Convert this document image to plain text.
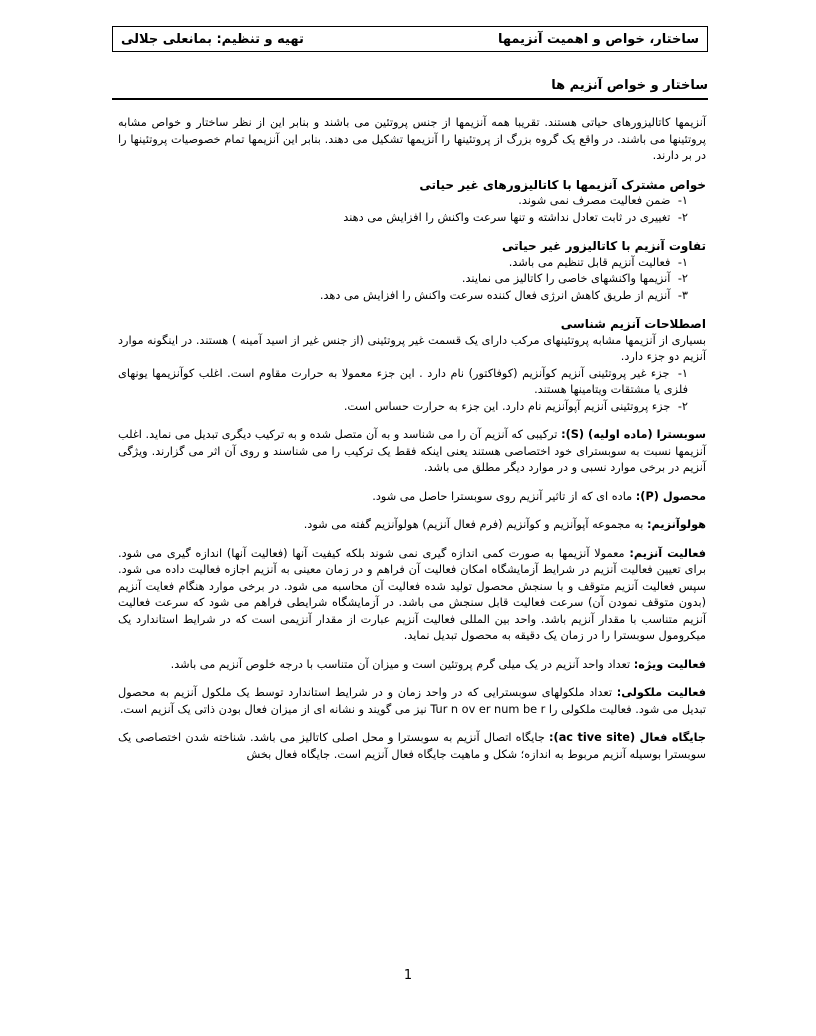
ساختار، خواص و اهمیت آنزیمها
تهیه و تنظیم: بمانعلی جلالی
ساختار و خواص آنزیم ها

آنزیمها کاتالیزورهای حیاتی هستند. تقریبا همه آنزیمها از جنس پروتئین می باشند و بنابر این از نظر ساختار و خواص مشابه پروتئینها می باشند. در واقع یک گروه بزرگ از پروتئینها را آنزیمها تشکیل می دهند. بنابر این آنزیمها تمام خصوصیات پروتئینها را در بر دارند.

خواص مشترک آنزیمها با کاتالیزورهای غیر حیاتی
۱- ضمن فعالیت مصرف نمی شوند.
۲- تغییری در ثابت تعادل نداشته و تنها سرعت واکنش را افزایش می دهند
تفاوت آنزیم با کاتالیزور غیر حیاتی
۱- فعالیت آنزیم قابل تنظیم می باشد.
۲- آنزیمها واکنشهای خاصی را کاتالیز می نمایند.
۳- آنزیم از طریق کاهش انرژی فعال کننده سرعت واکنش را افزایش می دهد.
اصطلاحات آنزیم شناسی
بسیاری از آنزیمها مشابه پروتئینهای مرکب دارای یک قسمت غیر پروتئینی (از جنس غیر از اسید آمینه ) هستند. در اینگونه موارد آنزیم دو جزء دارد.
۱- جزء غیر پروتئینی آنزیم کوآنزیم (کوفاکتور) نام دارد . این جزء معمولا به حرارت مقاوم است. اغلب کوآنزیمها یونهای فلزی یا مشتقات ویتامینها هستند.
۲- جزء پروتئینی آنزیم آپوآنزیم نام دارد. این جزء به حرارت حساس است.

سوبسترا (ماده اولیه) (S): ترکیبی که آنزیم آن را می شناسد و به آن متصل شده و به ترکیب دیگری تبدیل می نماید. اغلب آنزیمها نسبت به سوبسترای خود اختصاصی هستند یعنی اینکه فقط یک ترکیب را می شناسند و روی آن اثر می گزارند. ویژگی آنزیم در برخی موارد نسبی و در موارد دیگر مطلق می باشد.

محصول (P): ماده ای که از تاثیر آنزیم روی سوبسترا حاصل می شود.

هولوآنزیم: به مجموعه آپوآنزیم و کوآنزیم (فرم فعال آنزیم) هولوآنزیم گفته می شود.

فعالیت آنزیم: معمولا آنزیمها به صورت کمی اندازه گیری نمی شوند بلکه کیفیت آنها (فعالیت آنها) اندازه گیری می شود. برای تعیین فعالیت آنزیم در شرایط آزمایشگاه امکان فعالیت آن فراهم و در زمان معینی به آنزیم اجازه فعالیت داده می شود. سپس فعالیت آنزیم متوقف و با سنجش محصول تولید شده فعالیت آن محاسبه می شود. در برخی موارد هنگام فعایت آنزیم (بدون متوقف نمودن آن) سرعت فعالیت قابل سنجش می باشد. در آزمایشگاه شرایطی فراهم می شود که سرعت فعالیت آنزیم متناسب با مقدار آنزیم باشد. واحد بین المللی فعالیت آنزیم عبارت از مقدار آنزیمی است که در شرایط استاندارد یک میکرومول سوبسترا را در زمان یک دقیقه به محصول تبدیل نماید.

فعالیت ویژه: تعداد واحد آنزیم در یک میلی گرم پروتئین است و میزان آن متناسب با درجه خلوص آنزیم می باشد.

فعالیت ملکولی: تعداد ملکولهای سوبسترایی که در واحد زمان و در شرایط استاندارد توسط یک ملکول آنزیم به محصول تبدیل می شود. فعالیت ملکولی را Tur n ov er num be r نیز می گویند و نشانه ای از میزان فعال بودن ذاتی یک آنزیم است.

جایگاه فعال (ac tive site): جایگاه اتصال آنزیم به سوبسترا و محل اصلی کاتالیز می باشد. شناخته شدن اختصاصی یک سوبسترا بوسیله آنزیم مربوط به اندازه؛ شکل و ماهیت جایگاه فعال آنزیم است. جایگاه فعال بخش

1
